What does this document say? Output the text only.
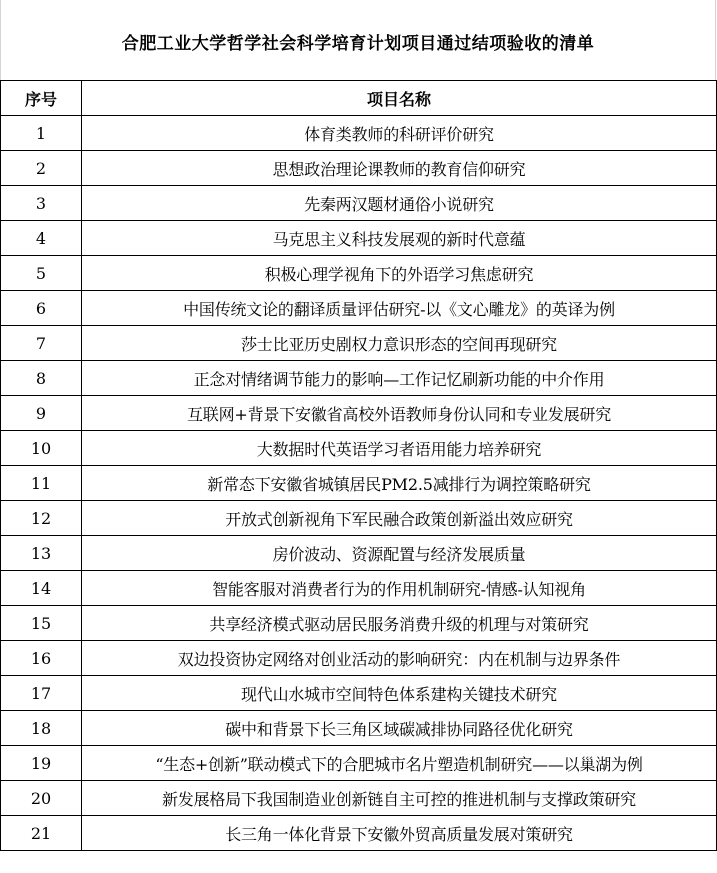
合肥工业大学哲学社会科学培育计划项目通过结项验收的清单
序号	项目名称
1	体育类教师的科研评价研究
2	思想政治理论课教师的教育信仰研究
3	先秦两汉题材通俗小说研究
4	马克思主义科技发展观的新时代意蕴
5	积极心理学视角下的外语学习焦虑研究
6	中国传统文论的翻译质量评估研究-以《文心雕龙》的英译为例
7	莎士比亚历史剧权力意识形态的空间再现研究
8	正念对情绪调节能力的影响—工作记忆刷新功能的中介作用
9	互联网+背景下安徽省高校外语教师身份认同和专业发展研究
10	大数据时代英语学习者语用能力培养研究
11	新常态下安徽省城镇居民PM2.5减排行为调控策略研究
12	开放式创新视角下军民融合政策创新溢出效应研究
13	房价波动、资源配置与经济发展质量
14	智能客服对消费者行为的作用机制研究-情感-认知视角
15	共享经济模式驱动居民服务消费升级的机理与对策研究
16	双边投资协定网络对创业活动的影响研究：内在机制与边界条件
17	现代山水城市空间特色体系建构关键技术研究
18	碳中和背景下长三角区域碳减排协同路径优化研究
19	“生态+创新”联动模式下的合肥城市名片塑造机制研究——以巢湖为例
20	新发展格局下我国制造业创新链自主可控的推进机制与支撑政策研究
21	长三角一体化背景下安徽外贸高质量发展对策研究
